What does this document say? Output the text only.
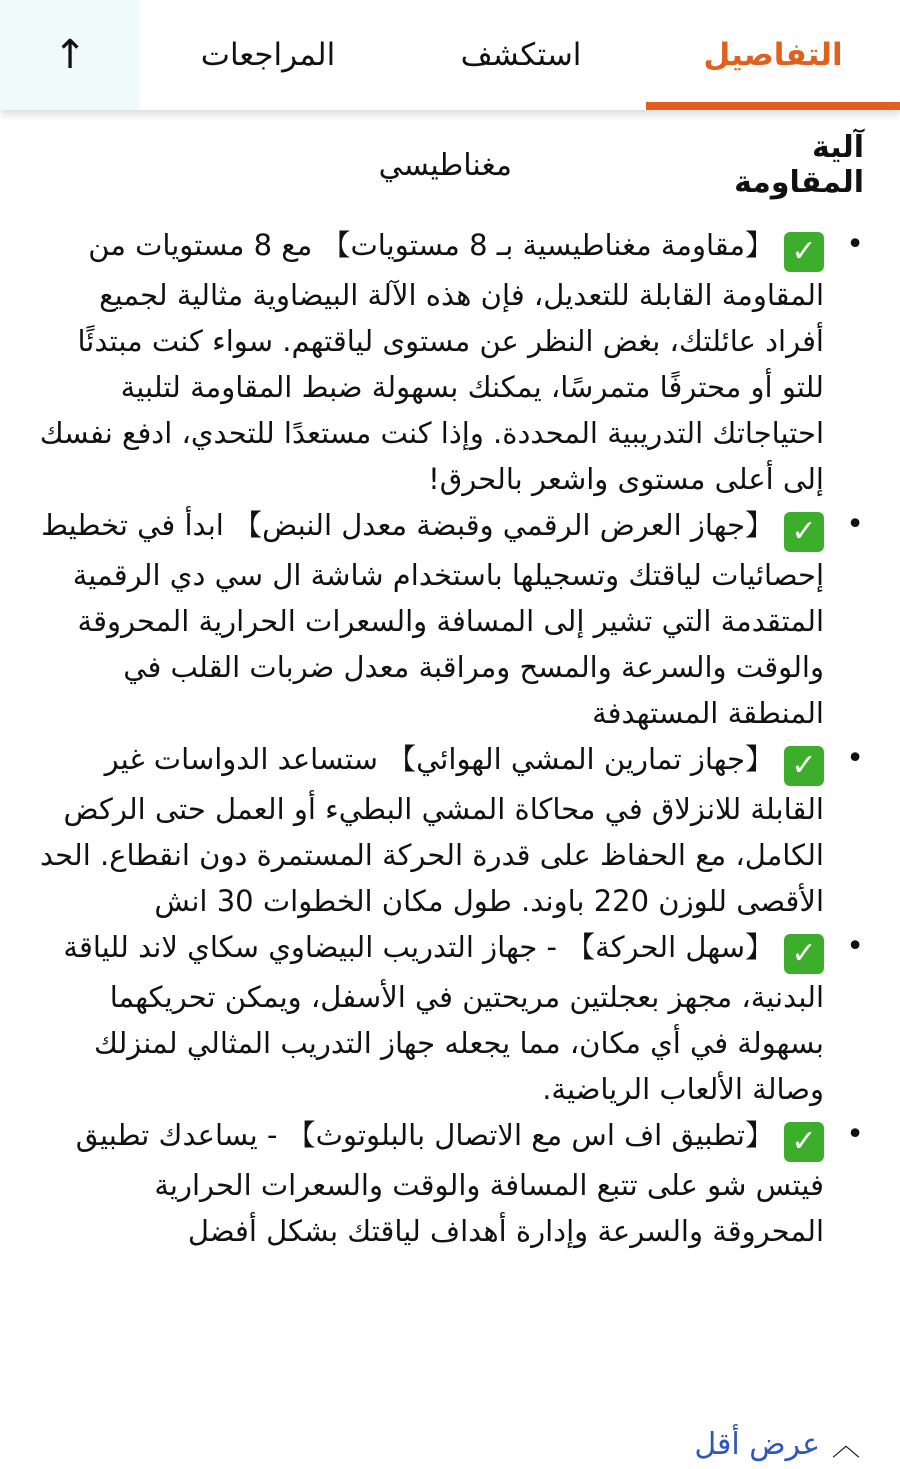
التفاصيل
استكشف
المراجعات
↑
آلية المقاومة
مغناطيسي
• ✓【مقاومة مغناطيسية بـ 8 مستويات】 مع 8 مستويات من المقاومة القابلة للتعديل، فإن هذه الآلة البيضاوية مثالية لجميع أفراد عائلتك، بغض النظر عن مستوى لياقتهم. سواء كنت مبتدئًا للتو أو محترفًا متمرسًا، يمكنك بسهولة ضبط المقاومة لتلبية احتياجاتك التدريبية المحددة. وإذا كنت مستعدًا للتحدي، ادفع نفسك إلى أعلى مستوى واشعر بالحرق!
• ✓【جهاز العرض الرقمي وقبضة معدل النبض】 ابدأ في تخطيط إحصائيات لياقتك وتسجيلها باستخدام شاشة ال سي دي الرقمية المتقدمة التي تشير إلى المسافة والسعرات الحرارية المحروقة والوقت والسرعة والمسح ومراقبة معدل ضربات القلب في المنطقة المستهدفة
• ✓【جهاز تمارين المشي الهوائي】 ستساعد الدواسات غير القابلة للانزلاق في محاكاة المشي البطيء أو العمل حتى الركض الكامل، مع الحفاظ على قدرة الحركة المستمرة دون انقطاع. الحد الأقصى للوزن 220 باوند. طول مكان الخطوات 30 انش
• ✓【سهل الحركة】 - جهاز التدريب البيضاوي سكاي لاند للياقة البدنية، مجهز بعجلتين مريحتين في الأسفل، ويمكن تحريكهما بسهولة في أي مكان، مما يجعله جهاز التدريب المثالي لمنزلك وصالة الألعاب الرياضية.
• ✓【تطبيق اف اس مع الاتصال بالبلوتوث】 - يساعدك تطبيق فيتس شو على تتبع المسافة والوقت والسعرات الحرارية المحروقة والسرعة وإدارة أهداف لياقتك بشكل أفضل
︿
عرض أقل
